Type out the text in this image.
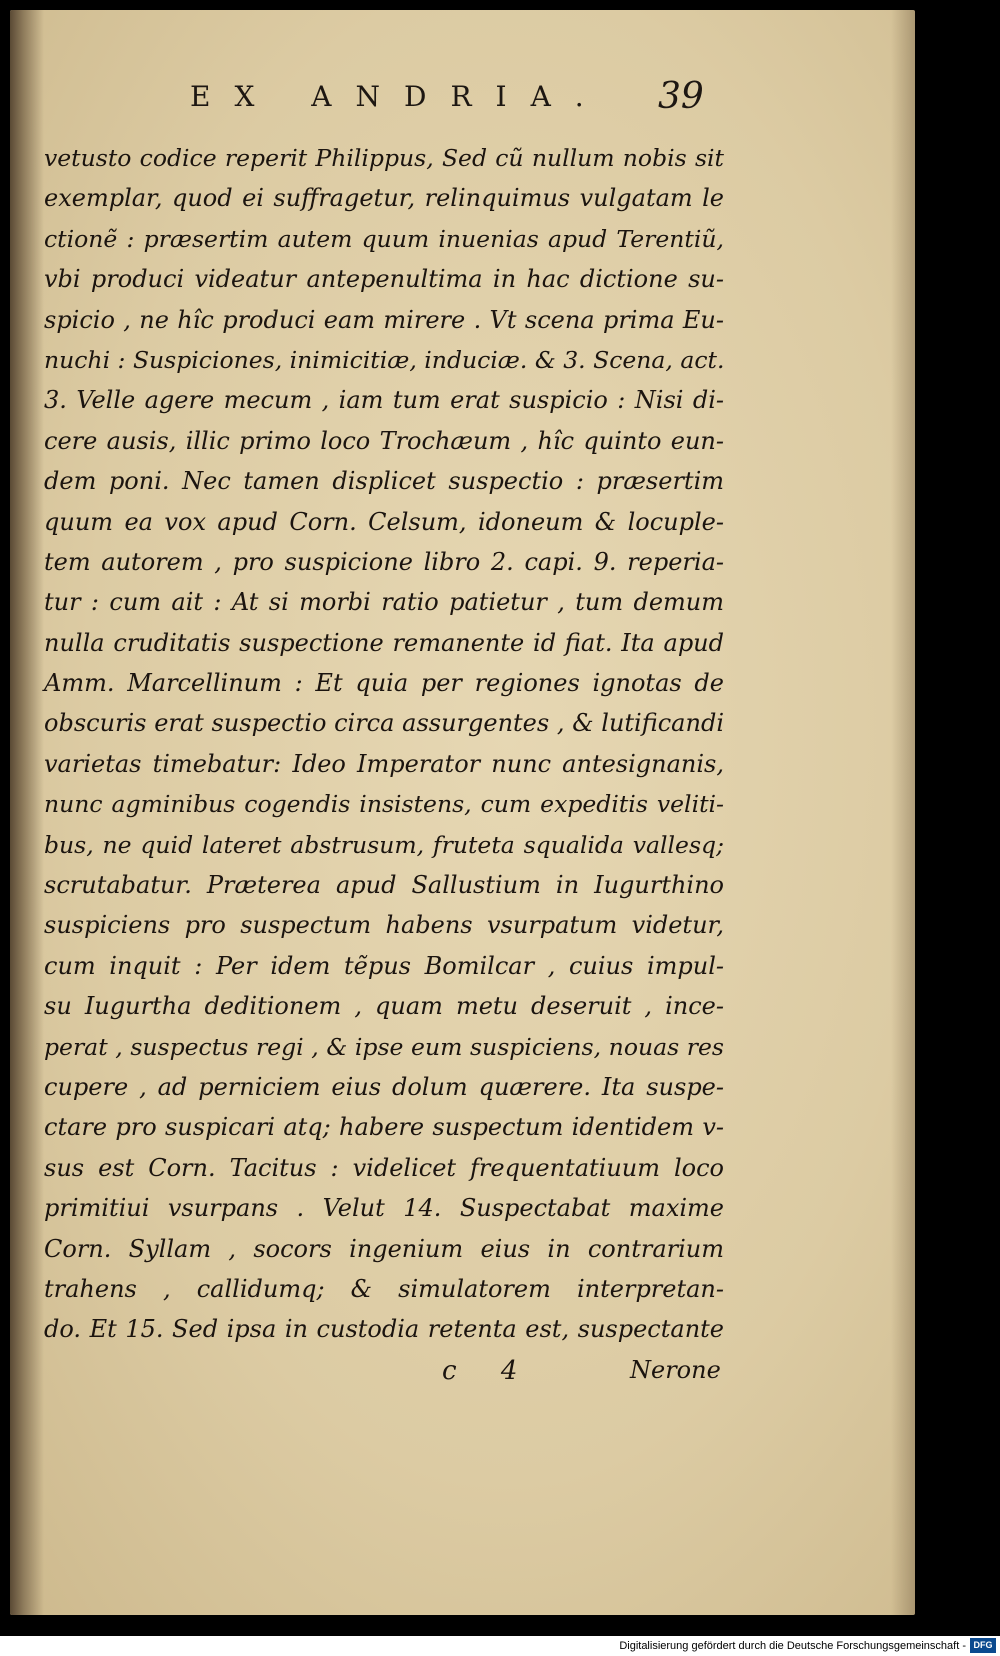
EX ANDRIA.	39
vetusto codice reperit Philippus, Sed cũ nullum nobis sit
exemplar, quod ei suffragetur, relinquimus vulgatam le
ctionẽ : præsertim autem quum inuenias apud Terentiũ,
vbi produci videatur antepenultima in hac dictione su-
spicio , ne hîc produci eam mirere . Vt scena prima Eu-
nuchi : Suspiciones, inimicitiæ, induciæ. & 3. Scena, act.
3. Velle agere mecum , iam tum erat suspicio : Nisi di-
cere ausis, illic primo loco Trochæum , hîc quinto eun-
dem poni. Nec tamen displicet suspectio : præsertim
quum ea vox apud Corn. Celsum, idoneum & locuple-
tem autorem , pro suspicione libro 2. capi. 9. reperia-
tur : cum ait : At si morbi ratio patietur , tum demum
nulla cruditatis suspectione remanente id fiat. Ita apud
Amm. Marcellinum : Et quia per regiones ignotas de
obscuris erat suspectio circa assurgentes , & lutificandi
varietas timebatur: Ideo Imperator nunc antesignanis,
nunc agminibus cogendis insistens, cum expeditis veliti-
bus, ne quid lateret abstrusum, fruteta squalida vallesq;
scrutabatur. Præterea apud Sallustium in Iugurthino
suspiciens pro suspectum habens vsurpatum videtur,
cum inquit : Per idem tẽpus Bomilcar , cuius impul-
su Iugurtha deditionem , quam metu deseruit , ince-
perat , suspectus regi , & ipse eum suspiciens, nouas res
cupere , ad perniciem eius dolum quærere. Ita suspe-
ctare pro suspicari atq; habere suspectum identidem v-
sus est Corn. Tacitus : videlicet frequentatiuum loco
primitiui vsurpans . Velut 14. Suspectabat maxime
Corn. Syllam , socors ingenium eius in contrarium
trahens , callidumq; & simulatorem interpretan-
do. Et 15. Sed ipsa in custodia retenta est, suspectante
c 4	Nerone
Digitalisierung gefördert durch die Deutsche Forschungsgemeinschaft - DFG
